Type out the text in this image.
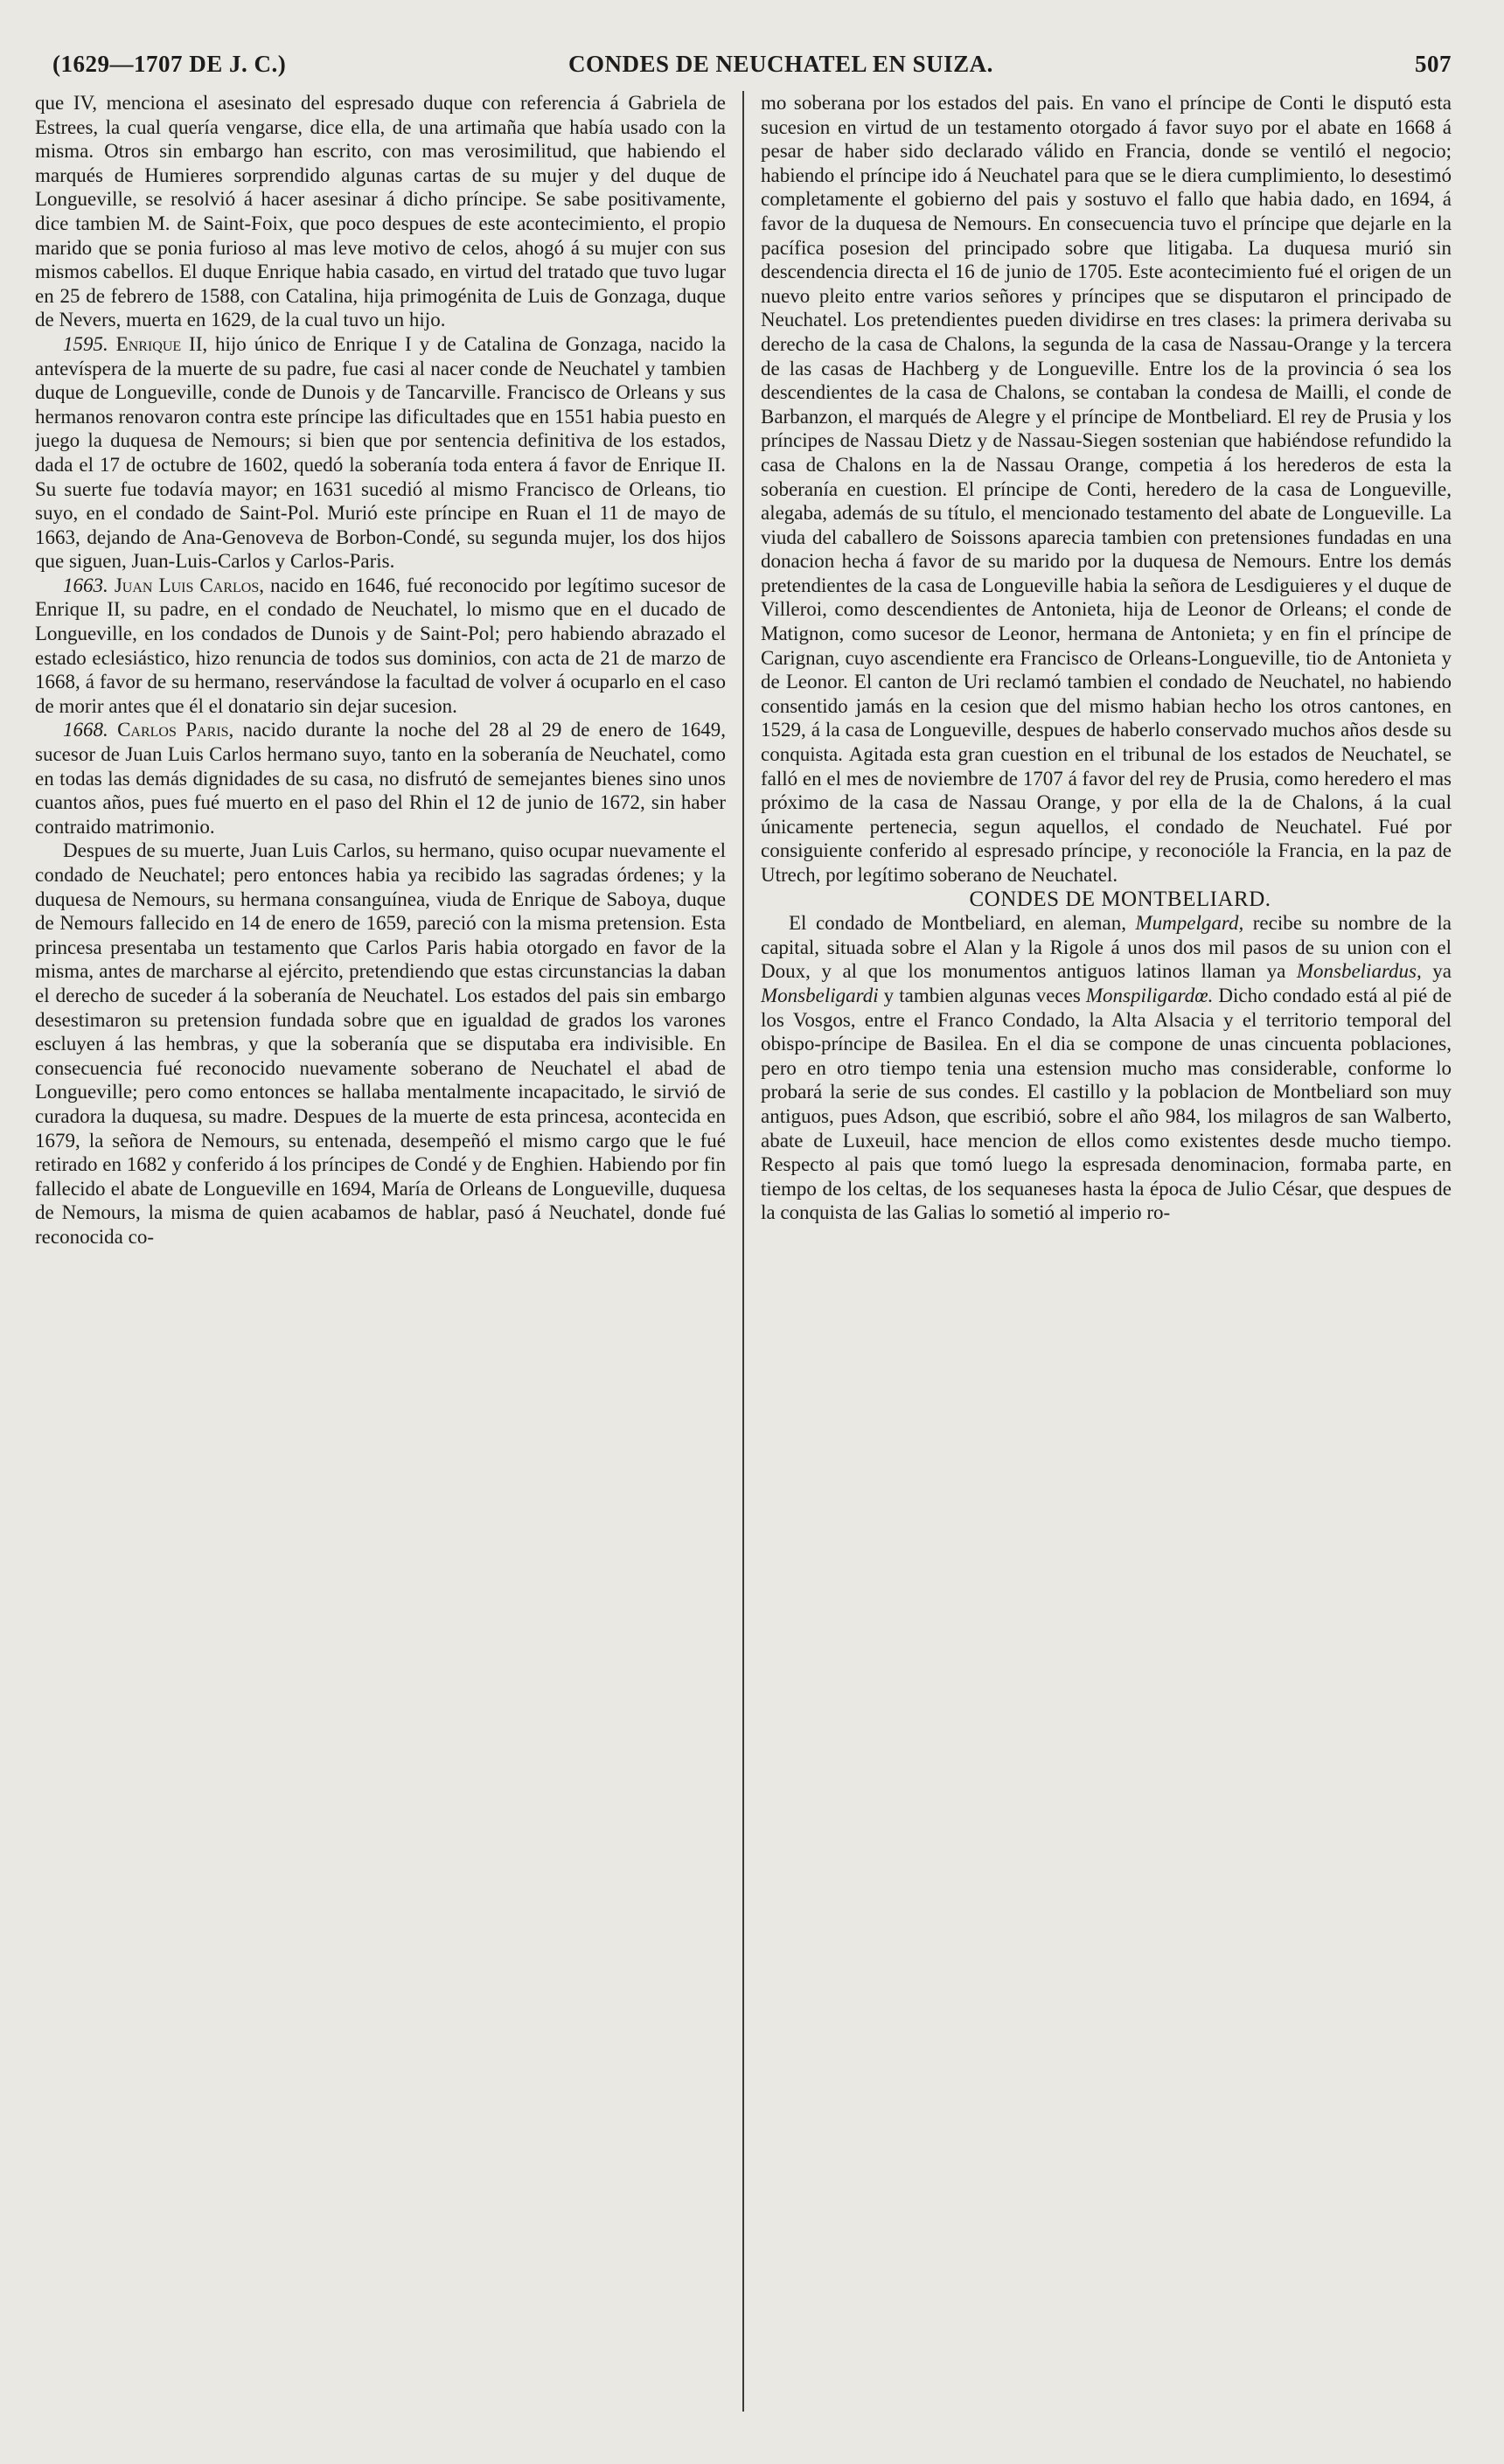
(1629—1707 DE J. C.)	CONDES DE NEUCHATEL EN SUIZA.	507

que IV, menciona el asesinato del espresado duque con referencia á Gabriela de Estrees, la cual quería vengarse, dice ella, de una artimaña que había usado con la misma. Otros sin embargo han escrito, con mas verosimilitud, que habiendo el marqués de Humieres sorprendido algunas cartas de su mujer y del duque de Longueville, se resolvió á hacer asesinar á dicho príncipe. Se sabe positivamente, dice tambien M. de Saint-Foix, que poco despues de este acontecimiento, el propio marido que se ponia furioso al mas leve motivo de celos, ahogó á su mujer con sus mismos cabellos. El duque Enrique habia casado, en virtud del tratado que tuvo lugar en 25 de febrero de 1588, con Catalina, hija primogénita de Luis de Gonzaga, duque de Nevers, muerta en 1629, de la cual tuvo un hijo.

1595. Enrique II, hijo único de Enrique I y de Catalina de Gonzaga, nacido la antevíspera de la muerte de su padre, fue casi al nacer conde de Neuchatel y tambien duque de Longueville, conde de Dunois y de Tancarville. Francisco de Orleans y sus hermanos renovaron contra este príncipe las dificultades que en 1551 habia puesto en juego la duquesa de Nemours; si bien que por sentencia definitiva de los estados, dada el 17 de octubre de 1602, quedó la soberanía toda entera á favor de Enrique II. Su suerte fue todavía mayor; en 1631 sucedió al mismo Francisco de Orleans, tio suyo, en el condado de Saint-Pol. Murió este príncipe en Ruan el 11 de mayo de 1663, dejando de Ana-Genoveva de Borbon-Condé, su segunda mujer, los dos hijos que siguen, Juan-Luis-Carlos y Carlos-Paris.

1663. Juan Luis Carlos, nacido en 1646, fué reconocido por legítimo sucesor de Enrique II, su padre, en el condado de Neuchatel, lo mismo que en el ducado de Longueville, en los condados de Dunois y de Saint-Pol; pero habiendo abrazado el estado eclesiástico, hizo renuncia de todos sus dominios, con acta de 21 de marzo de 1668, á favor de su hermano, reservándose la facultad de volver á ocuparlo en el caso de morir antes que él el donatario sin dejar sucesion.

1668. Carlos Paris, nacido durante la noche del 28 al 29 de enero de 1649, sucesor de Juan Luis Carlos hermano suyo, tanto en la soberanía de Neuchatel, como en todas las demás dignidades de su casa, no disfrutó de semejantes bienes sino unos cuantos años, pues fué muerto en el paso del Rhin el 12 de junio de 1672, sin haber contraido matrimonio.

Despues de su muerte, Juan Luis Carlos, su hermano, quiso ocupar nuevamente el condado de Neuchatel; pero entonces habia ya recibido las sagradas órdenes; y la duquesa de Nemours, su hermana consanguínea, viuda de Enrique de Saboya, duque de Nemours fallecido en 14 de enero de 1659, pareció con la misma pretension. Esta princesa presentaba un testamento que Carlos Paris habia otorgado en favor de la misma, antes de marcharse al ejército, pretendiendo que estas circunstancias la daban el derecho de suceder á la soberanía de Neuchatel. Los estados del pais sin embargo desestimaron su pretension fundada sobre que en igualdad de grados los varones escluyen á las hembras, y que la soberanía que se disputaba era indivisible. En consecuencia fué reconocido nuevamente soberano de Neuchatel el abad de Longueville; pero como entonces se hallaba mentalmente incapacitado, le sirvió de curadora la duquesa, su madre. Despues de la muerte de esta princesa, acontecida en 1679, la señora de Nemours, su entenada, desempeñó el mismo cargo que le fué retirado en 1682 y conferido á los príncipes de Condé y de Enghien. Habiendo por fin fallecido el abate de Longueville en 1694, María de Orleans de Longueville, duquesa de Nemours, la misma de quien acabamos de hablar, pasó á Neuchatel, donde fué reconocida co-

mo soberana por los estados del pais. En vano el príncipe de Conti le disputó esta sucesion en virtud de un testamento otorgado á favor suyo por el abate en 1668 á pesar de haber sido declarado válido en Francia, donde se ventiló el negocio; habiendo el príncipe ido á Neuchatel para que se le diera cumplimiento, lo desestimó completamente el gobierno del pais y sostuvo el fallo que habia dado, en 1694, á favor de la duquesa de Nemours. En consecuencia tuvo el príncipe que dejarle en la pacífica posesion del principado sobre que litigaba. La duquesa murió sin descendencia directa el 16 de junio de 1705. Este acontecimiento fué el origen de un nuevo pleito entre varios señores y príncipes que se disputaron el principado de Neuchatel. Los pretendientes pueden dividirse en tres clases: la primera derivaba su derecho de la casa de Chalons, la segunda de la casa de Nassau-Orange y la tercera de las casas de Hachberg y de Longueville. Entre los de la provincia ó sea los descendientes de la casa de Chalons, se contaban la condesa de Mailli, el conde de Barbanzon, el marqués de Alegre y el príncipe de Montbeliard. El rey de Prusia y los príncipes de Nassau Dietz y de Nassau-Siegen sostenian que habiéndose refundido la casa de Chalons en la de Nassau Orange, competia á los herederos de esta la soberanía en cuestion. El príncipe de Conti, heredero de la casa de Longueville, alegaba, además de su título, el mencionado testamento del abate de Longueville. La viuda del caballero de Soissons aparecia tambien con pretensiones fundadas en una donacion hecha á favor de su marido por la duquesa de Nemours. Entre los demás pretendientes de la casa de Longueville habia la señora de Lesdiguieres y el duque de Villeroi, como descendientes de Antonieta, hija de Leonor de Orleans; el conde de Matignon, como sucesor de Leonor, hermana de Antonieta; y en fin el príncipe de Carignan, cuyo ascendiente era Francisco de Orleans-Longueville, tio de Antonieta y de Leonor. El canton de Uri reclamó tambien el condado de Neuchatel, no habiendo consentido jamás en la cesion que del mismo habian hecho los otros cantones, en 1529, á la casa de Longueville, despues de haberlo conservado muchos años desde su conquista. Agitada esta gran cuestion en el tribunal de los estados de Neuchatel, se falló en el mes de noviembre de 1707 á favor del rey de Prusia, como heredero el mas próximo de la casa de Nassau Orange, y por ella de la de Chalons, á la cual únicamente pertenecia, segun aquellos, el condado de Neuchatel. Fué por consiguiente conferido al espresado príncipe, y reconocióle la Francia, en la paz de Utrech, por legítimo soberano de Neuchatel.

CONDES DE MONTBELIARD.

El condado de Montbeliard, en aleman, Mumpelgard, recibe su nombre de la capital, situada sobre el Alan y la Rigole á unos dos mil pasos de su union con el Doux, y al que los monumentos antiguos latinos llaman ya Monsbeliardus, ya Monsbeligardi y tambien algunas veces Monspiligardœ. Dicho condado está al pié de los Vosgos, entre el Franco Condado, la Alta Alsacia y el territorio temporal del obispo-príncipe de Basilea. En el dia se compone de unas cincuenta poblaciones, pero en otro tiempo tenia una estension mucho mas considerable, conforme lo probará la serie de sus condes. El castillo y la poblacion de Montbeliard son muy antiguos, pues Adson, que escribió, sobre el año 984, los milagros de san Walberto, abate de Luxeuil, hace mencion de ellos como existentes desde mucho tiempo. Respecto al pais que tomó luego la espresada denominacion, formaba parte, en tiempo de los celtas, de los sequaneses hasta la época de Julio César, que despues de la conquista de las Galias lo sometió al imperio ro-
